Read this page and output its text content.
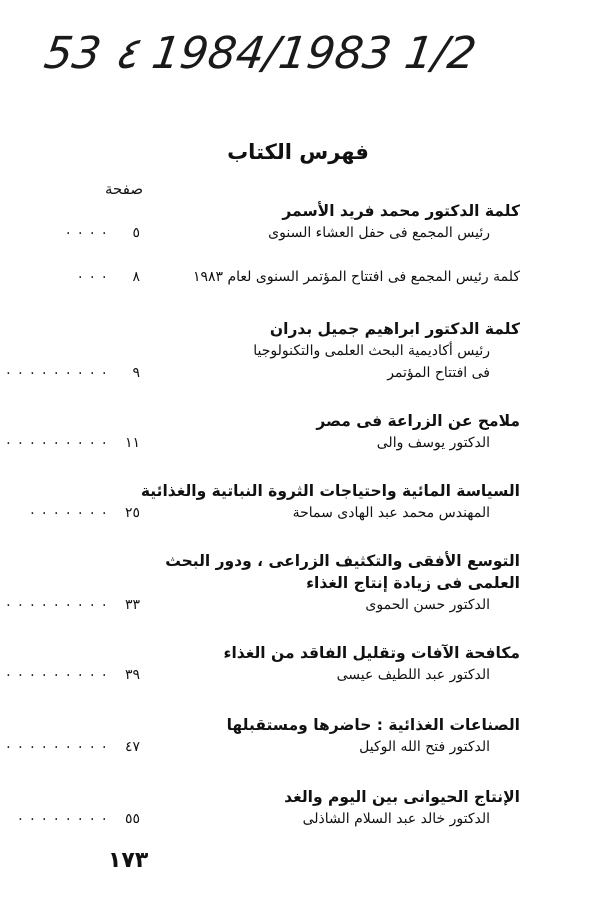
53 ٤ 1984/1983 1/2
فهرس الكتاب
صفحة
كلمة الدكتور محمد فريد الأسمر
رئيس المجمع فى حفل العشاء السنوى
٠ ٠ ٠ ٠ ٥
كلمة رئيس المجمع فى افتتاح المؤتمر السنوى لعام ١٩٨٣
٠ ٠ ٠ ٨
كلمة الدكتور ابراهيم جميل بدران
رئيس أكاديمية البحث العلمى والتكنولوجيا
فى افتتاح المؤتمر
٠ ٠ ٠ ٠ ٠ ٠ ٠ ٠ ٠	٩
ملامح عن الزراعة فى مصر
الدكتور يوسف والى
٠ ٠ ٠ ٠ ٠ ٠ ٠ ٠ ٠	١١
السياسة المائية واحتياجات الثروة النباتية والغذائية
المهندس محمد عبد الهادى سماحة
٠ ٠ ٠ ٠ ٠ ٠ ٠ ٢٥
التوسع الأفقى والتكثيف الزراعى ، ودور البحث العلمى فى زيادة إنتاج الغذاء
الدكتور حسن الحموى
٠ ٠ ٠ ٠ ٠ ٠ ٠ ٠ ٠	٣٣
مكافحة الآفات وتقليل الفاقد من الغذاء
الدكتور عبد اللطيف عيسى
٠ ٠ ٠ ٠ ٠ ٠ ٠ ٠ ٠	٣٩
الصناعات الغذائية : حاضرها ومستقبلها
الدكتور فتح الله الوكيل
٠ ٠ ٠ ٠ ٠ ٠ ٠ ٠ ٠	٤٧
الإنتاج الحيوانى بين اليوم والغد
الدكتور خالد عبد السلام الشاذلى
٠ ٠ ٠ ٠ ٠ ٠ ٠ ٠ ٥٥
١٧٣
